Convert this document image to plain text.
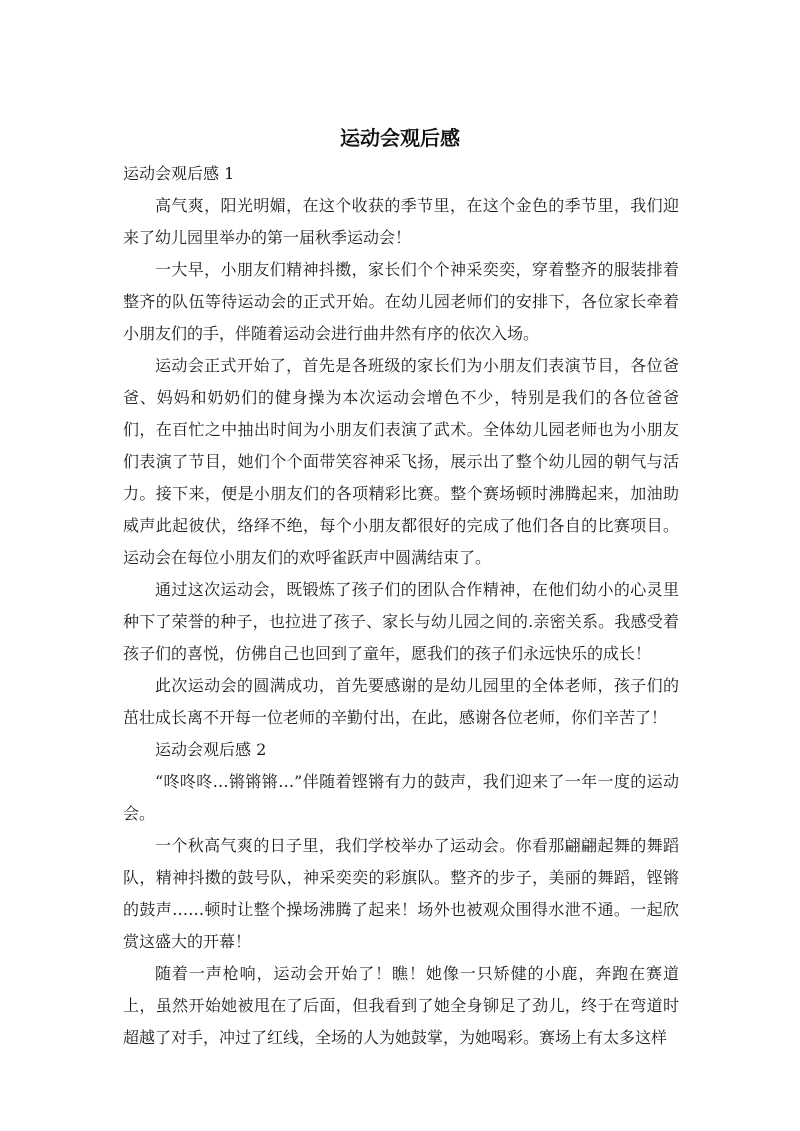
运动会观后感

运动会观后感 1

高气爽，阳光明媚，在这个收获的季节里，在这个金色的季节里，我们迎来了幼儿园里举办的第一届秋季运动会！

一大早，小朋友们精神抖擞，家长们个个神采奕奕，穿着整齐的服装排着整齐的队伍等待运动会的正式开始。在幼儿园老师们的安排下，各位家长牵着小朋友们的手，伴随着运动会进行曲井然有序的依次入场。

运动会正式开始了，首先是各班级的家长们为小朋友们表演节目，各位爸爸、妈妈和奶奶们的健身操为本次运动会增色不少，特别是我们的各位爸爸们，在百忙之中抽出时间为小朋友们表演了武术。全体幼儿园老师也为小朋友们表演了节目，她们个个面带笑容神采飞扬，展示出了整个幼儿园的朝气与活力。接下来，便是小朋友们的各项精彩比赛。整个赛场顿时沸腾起来，加油助威声此起彼伏，络绎不绝，每个小朋友都很好的完成了他们各自的比赛项目。运动会在每位小朋友们的欢呼雀跃声中圆满结束了。

通过这次运动会，既锻炼了孩子们的团队合作精神，在他们幼小的心灵里种下了荣誉的种子，也拉进了孩子、家长与幼儿园之间的.亲密关系。我感受着孩子们的喜悦，仿佛自己也回到了童年，愿我们的孩子们永远快乐的成长！

此次运动会的圆满成功，首先要感谢的是幼儿园里的全体老师，孩子们的茁壮成长离不开每一位老师的辛勤付出，在此，感谢各位老师，你们辛苦了！

运动会观后感 2

“咚咚咚…锵锵锵…”伴随着铿锵有力的鼓声，我们迎来了一年一度的运动会。

一个秋高气爽的日子里，我们学校举办了运动会。你看那翩翩起舞的舞蹈队，精神抖擞的鼓号队，神采奕奕的彩旗队。整齐的步子，美丽的舞蹈，铿锵的鼓声……顿时让整个操场沸腾了起来！场外也被观众围得水泄不通。一起欣赏这盛大的开幕！

随着一声枪响，运动会开始了！瞧！她像一只矫健的小鹿，奔跑在赛道上，虽然开始她被甩在了后面，但我看到了她全身铆足了劲儿，终于在弯道时超越了对手，冲过了红线，全场的人为她鼓掌，为她喝彩。赛场上有太多这样
